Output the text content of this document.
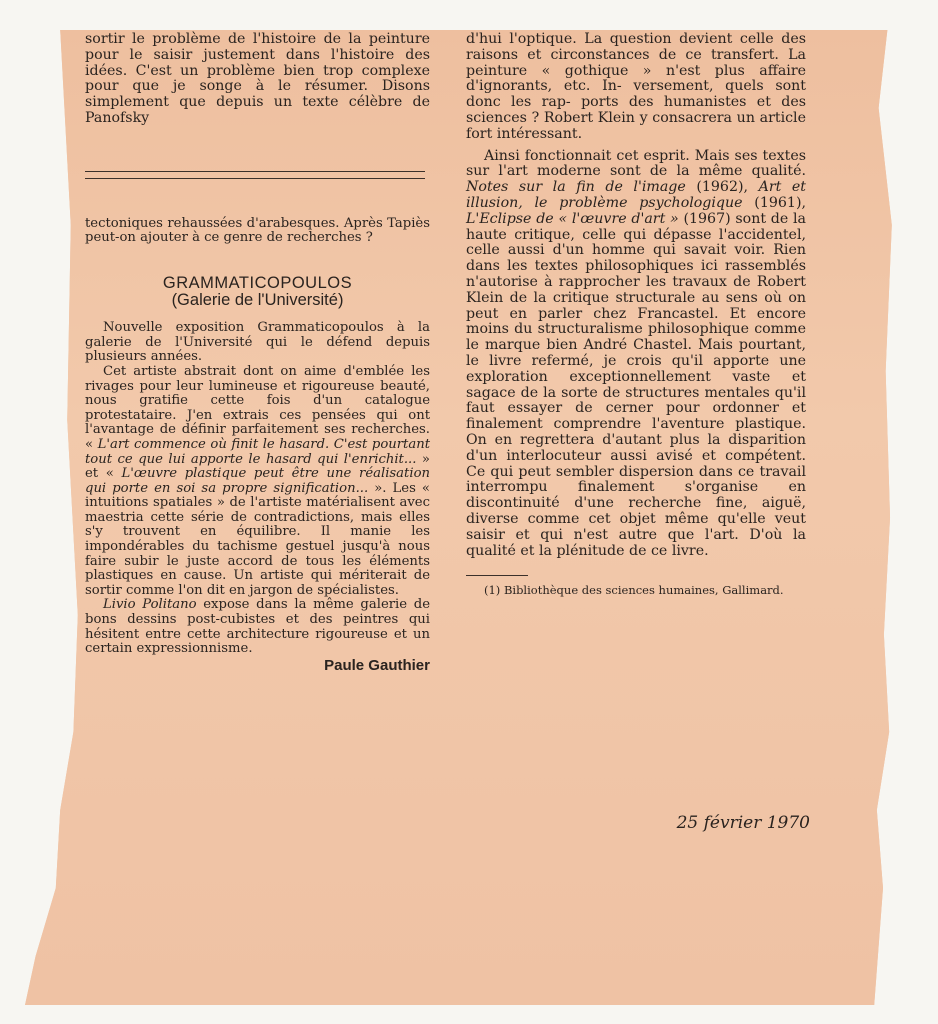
sortir le problème de l'histoire de la peinture pour le saisir justement dans l'histoire des idées. C'est un problème bien trop complexe pour que je songe à le résumer. Disons simplement que depuis un texte célèbre de Panofsky

tectoniques rehaussées d'arabesques. Après Tapiès peut-on ajouter à ce genre de recherches ?

GRAMMATICOPOULOS
(Galerie de l'Université)

Nouvelle exposition Grammaticopoulos à la galerie de l'Université qui le défend depuis plusieurs années.

Cet artiste abstrait dont on aime d'emblée les rivages pour leur lumineuse et rigoureuse beauté, nous gratifie cette fois d'un catalogue protestataire. J'en extrais ces pensées qui ont l'avantage de définir parfaitement ses recherches. « L'art commence où finit le hasard. C'est pourtant tout ce que lui apporte le hasard qui l'enrichit... » et « L'œuvre plastique peut être une réalisation qui porte en soi sa propre signification... ». Les « intuitions spatiales » de l'artiste matérialisent avec maestria cette série de contradictions, mais elles s'y trouvent en équilibre. Il manie les impondérables du tachisme gestuel jusqu'à nous faire subir le juste accord de tous les éléments plastiques en cause. Un artiste qui mériterait de sortir comme l'on dit en jargon de spécialistes.

Livio Politano expose dans la même galerie de bons dessins post-cubistes et des peintres qui hésitent entre cette architecture rigoureuse et un certain expressionnisme.

Paule Gauthier

d'hui l'optique. La question devient celle des raisons et circonstances de ce transfert. La peinture « gothique » n'est plus affaire d'ignorants, etc. In- versement, quels sont donc les rap- ports des humanistes et des sciences ? Robert Klein y consacrera un article fort intéressant.

Ainsi fonctionnait cet esprit. Mais ses textes sur l'art moderne sont de la même qualité. Notes sur la fin de l'image (1962), Art et illusion, le problème psychologique (1961), L'Eclipse de « l'œuvre d'art » (1967) sont de la haute critique, celle qui dépasse l'accidentel, celle aussi d'un homme qui savait voir. Rien dans les textes philosophiques ici rassemblés n'autorise à rapprocher les travaux de Robert Klein de la critique structurale au sens où on peut en parler chez Francastel. Et encore moins du structuralisme philosophique comme le marque bien André Chastel. Mais pourtant, le livre refermé, je crois qu'il apporte une exploration exceptionnellement vaste et sagace de la sorte de structures mentales qu'il faut essayer de cerner pour ordonner et finalement comprendre l'aventure plastique. On en regrettera d'autant plus la disparition d'un interlocuteur aussi avisé et compétent. Ce qui peut sembler dispersion dans ce travail interrompu finalement s'organise en discontinuité d'une recherche fine, aiguë, diverse comme cet objet même qu'elle veut saisir et qui n'est autre que l'art. D'où la qualité et la plénitude de ce livre.

(1) Bibliothèque des sciences humaines, Gallimard.

25 février 1970
